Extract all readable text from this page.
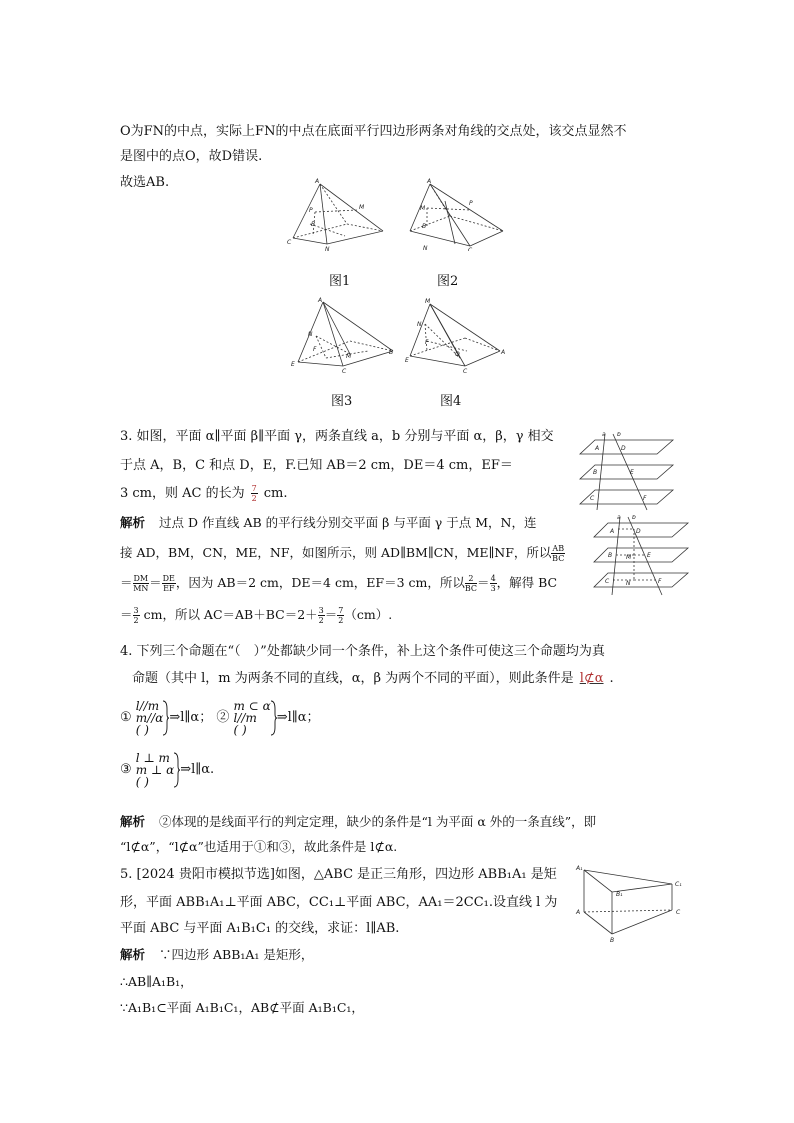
O为FN的中点，实际上FN的中点在底面平行四边形两条对角线的交点处，该交点显然不
是图中的点O，故D错误.
故选AB.	A
M
P
B
C
N
图1
A
M
P
B
N	C
图2
A
N
F
M
E
C
B
图3
M
N
F
Q
E
C
A
图4
3. 如图，平面 α∥平面 β∥平面 γ，两条直线 a，b 分别与平面 α，β，γ 相交
于点 A，B，C 和点 D，E，F.已知 AB＝2 cm，DE＝4 cm，EF＝
3 cm，则 AC 的长为 $\frac{7}{2}$ cm.
a b
A	D
B	E
C	F
解析 过点 D 作直线 AB 的平行线分别交平面 β 与平面 γ 于点 M，N，连
接 AD，BM，CN，ME，NF，如图所示，则 AD∥BM∥CN，ME∥NF，所以 $\frac{AB}{BC}$
＝ $\frac{DM}{MN} = \frac{DE}{EF}$ ，因为 AB＝2 cm，DE＝4 cm，EF＝3 cm，所以 $\frac{2}{BC} = \frac{4}{3}$ ，解得 BC
＝ $\frac{3}{2}$ cm，所以 $AC=AB+BC=2+ \frac{3}{2} = \frac{7}{2} (cm)$.
a b
A	D
B M	E
C	N	F
4. 下列三个命题在“（　）”处都缺少同一个条件，补上这个条件可使这三个命题均为真
命题（其中 l，m 为两条不同的直线，α，β 为两个不同的平面），则此条件是 l⊄α .
① l//m
m//α
( )⇒l∥α； ② m ⊂ α
l//m
( )⇒l∥α；
③ l ⊥ m
m ⊥ α
( )⇒l∥α.
解析 ②体现的是线面平行的判定定理，缺少的条件是“l 为平面 α 外的一条直线”，即
“l⊄α”，“l⊄α”也适用于①和③，故此条件是 l⊄α.
5. [2024 贵阳市模拟节选]如图，△ABC 是正三角形，四边形 ABB₁A₁ 是矩
形，平面 ABB₁A₁⊥平面 ABC，CC₁⊥平面 ABC，AA₁＝2CC₁.设直线 l 为
平面 ABC 与平面 A₁B₁C₁ 的交线，求证：l∥AB.
A₁
C₁
B₁
A	C
B
解析 ∵四边形 ABB₁A₁ 是矩形，
∴AB∥A₁B₁，
∵A₁B₁⊂平面 A₁B₁C₁，AB⊄平面 A₁B₁C₁，
